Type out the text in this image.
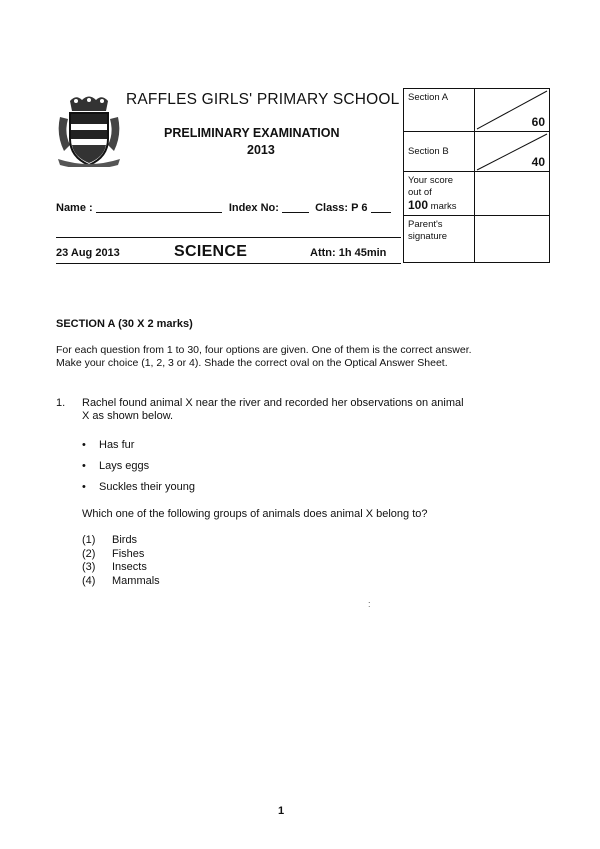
RAFFLES GIRLS' PRIMARY SCHOOL
PRELIMINARY EXAMINATION
2013
Name :	Index No:	Class: P 6
23 Aug 2013	SCIENCE	Attn: 1h 45min
Section A	60

Section B	40

Your score
out of
100 marks	

Parent's
signature	

SECTION A (30 X 2 marks)
For each question from 1 to 30, four options are given. One of them is the correct answer.
Make your choice (1, 2, 3 or 4). Shade the correct oval on the Optical Answer Sheet.
1. Rachel found animal X near the river and recorded her observations on animal
X as shown below.
• Has fur
• Lays eggs
• Suckles their young
Which one of the following groups of animals does animal X belong to?
(1) Birds
(2) Fishes
(3) Insects
(4) Mammals
:
1
